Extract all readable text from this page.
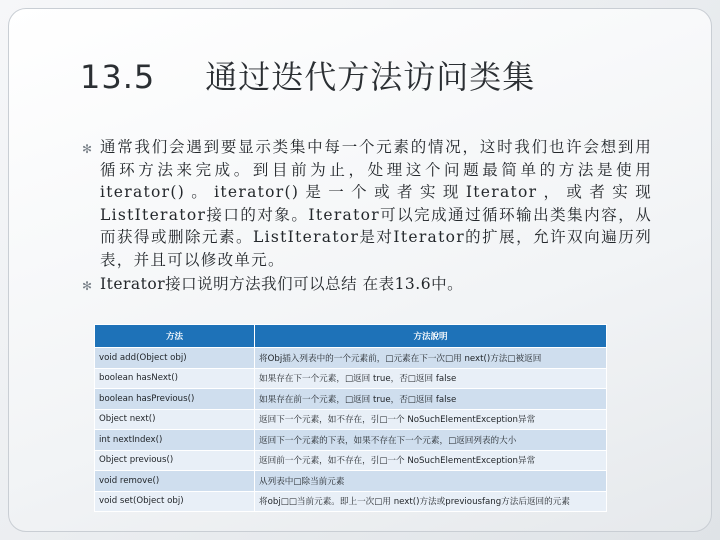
13.5 通过迭代方法访问类集
✻ 通常我们会遇到要显示类集中每一个元素的情况，这时我们也许会想到用循环方法来完成。到目前为止，处理这个问题最简单的方法是使用iterator()。iterator()是一个或者实现Iterator，或者实现ListIterator接口的对象。Iterator可以完成通过循环输出类集内容，从而获得或删除元素。ListIterator是对Iterator的扩展，允许双向遍历列表，并且可以修改单元。
✻ Iterator接口说明方法我们可以总结 在表13.6中。
方法	方法說明
void add(Object obj)	将Obj插入列表中的一个元素前，□元素在下一次□用 next()方法□被返回
boolean hasNext()	如果存在下一个元素，□返回 true，否□返回 false
boolean hasPrevious()	如果存在前一个元素，□返回 true，否□返回 false
Object next()	返回下一个元素，如不存在，引□一个 NoSuchElementException异常
int nextIndex()	返回下一个元素的下表，如果不存在下一个元素，□返回列表的大小
Object previous()	返回前一个元素，如不存在，引□一个 NoSuchElementException异常
void remove()	从列表中□除当前元素
void set(Object obj)	将obj□□当前元素。即上一次□用 next()方法或previousfang方法后返回的元素
